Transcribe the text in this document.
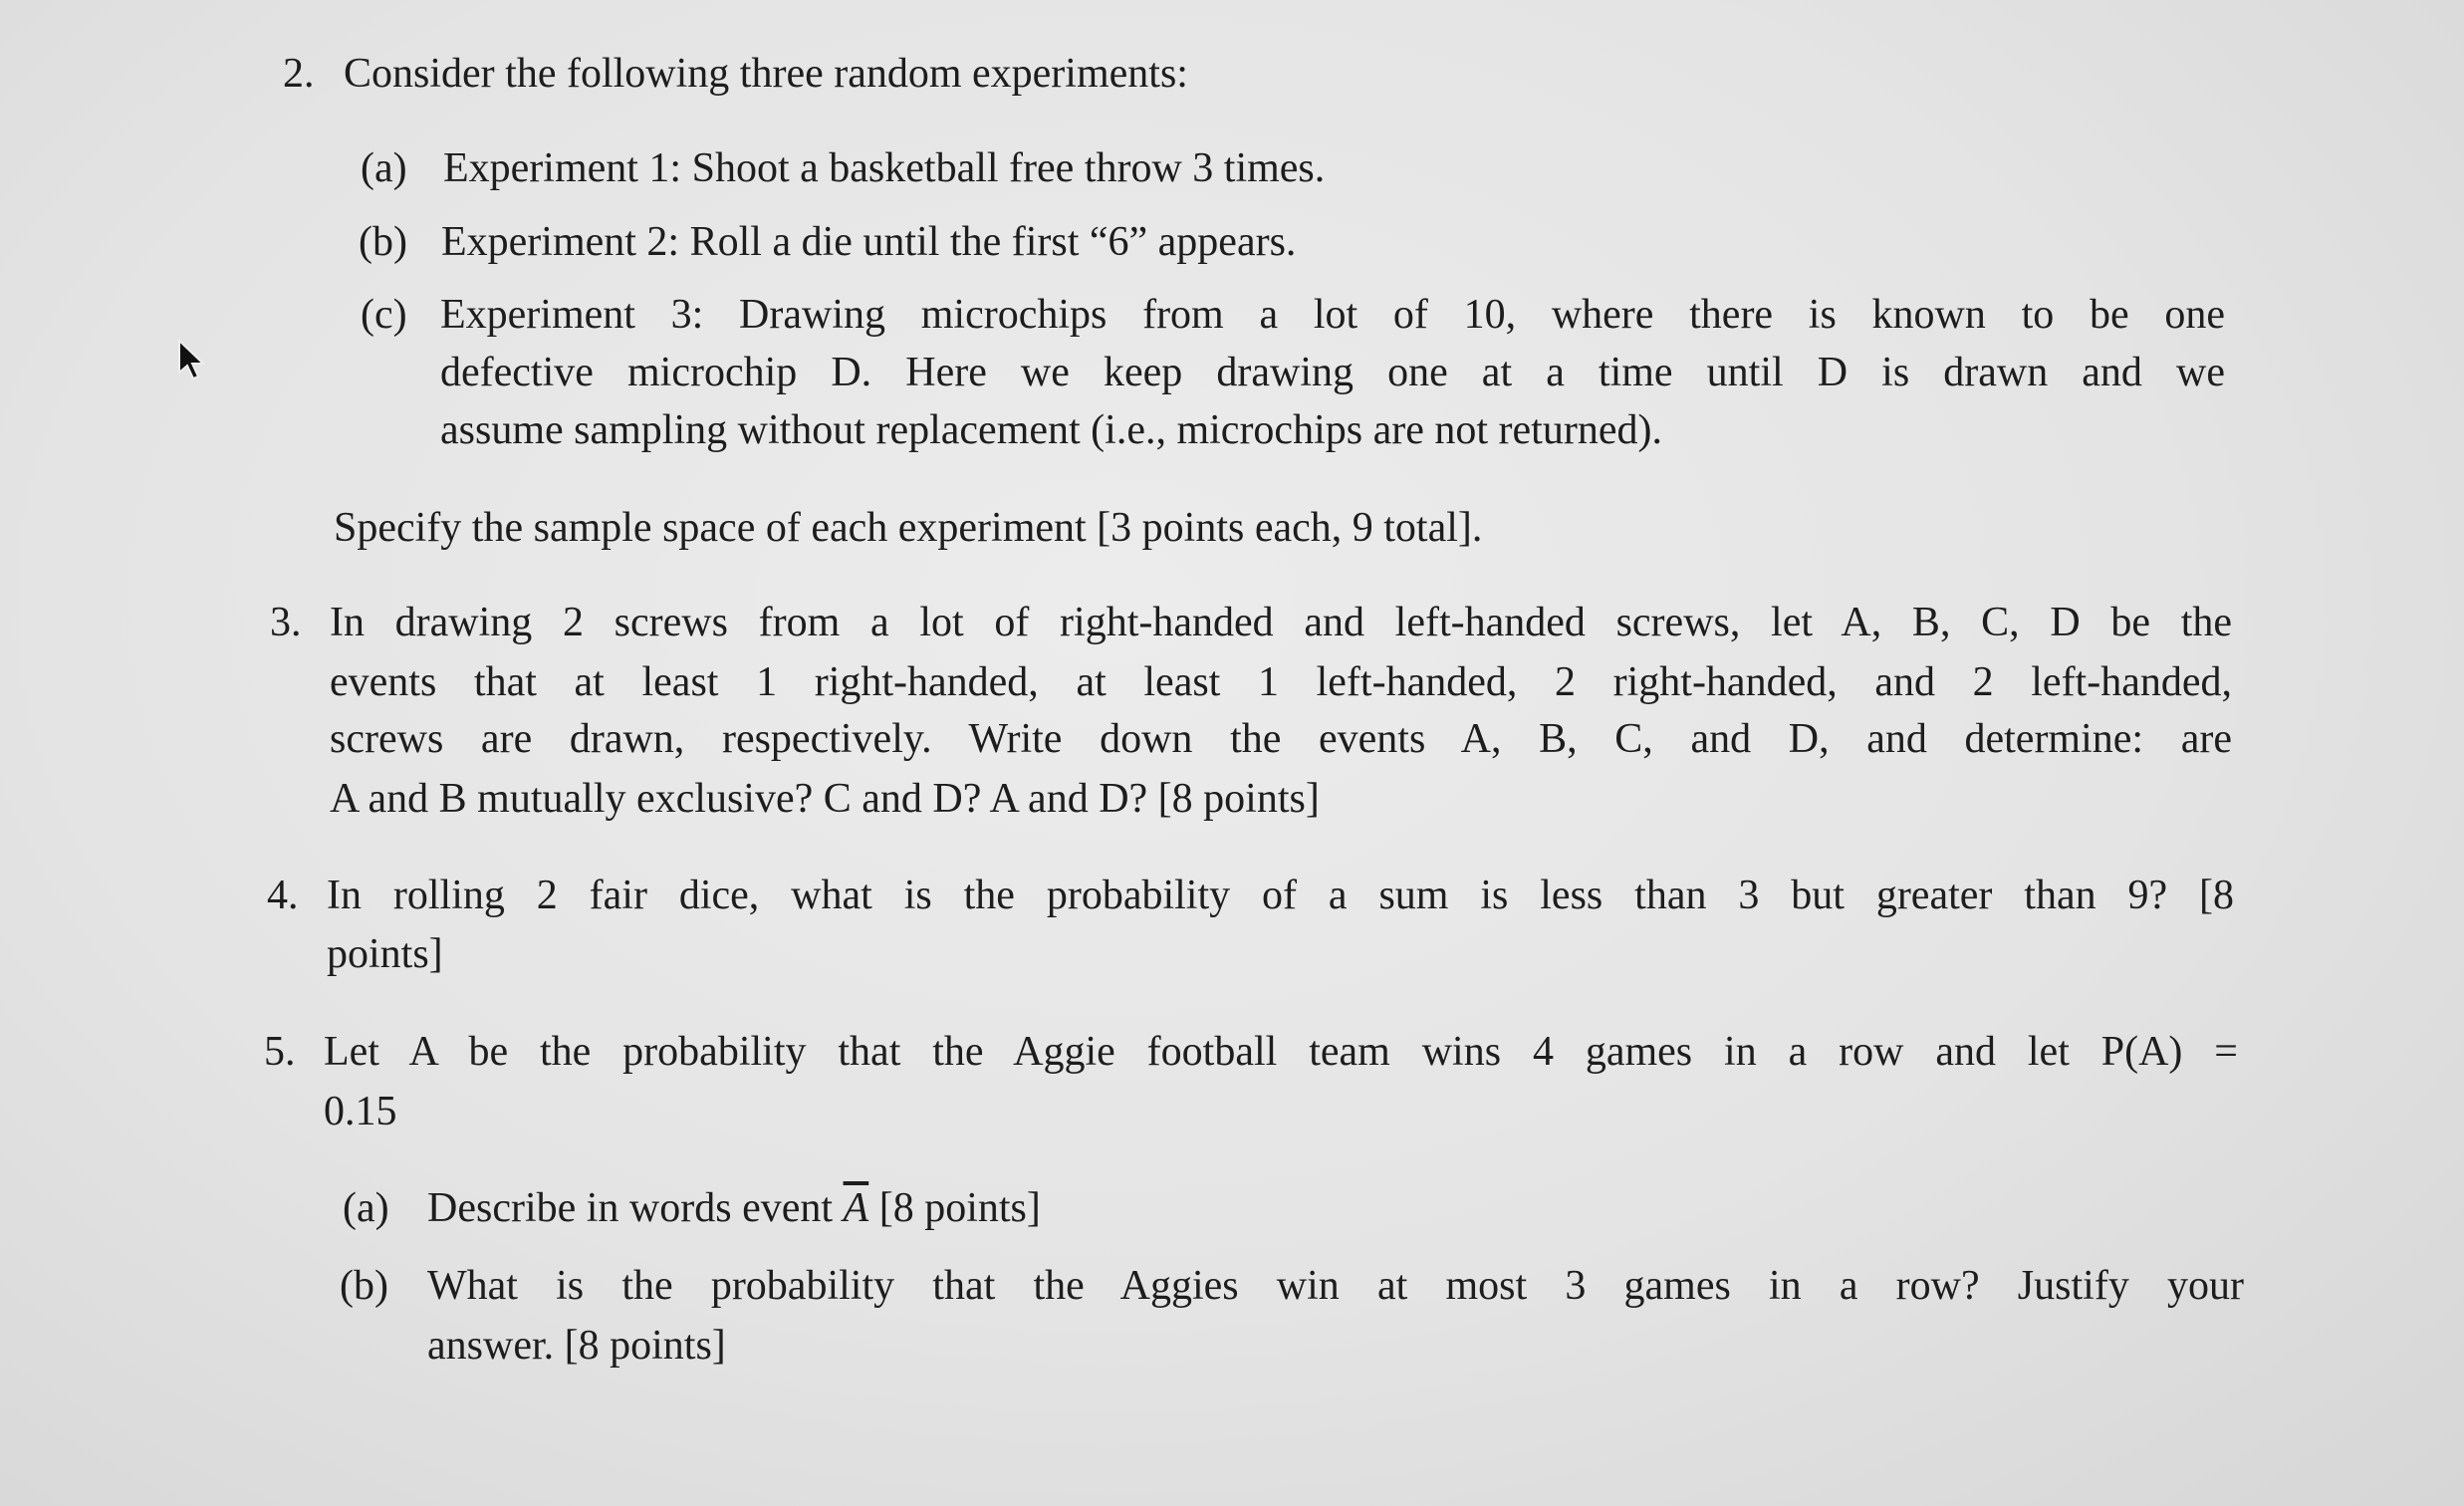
2. Consider the following three random experiments:
(a) Experiment 1: Shoot a basketball free throw 3 times.
(b) Experiment 2: Roll a die until the first “6” appears.
(c) Experiment 3: Drawing microchips from a lot of 10, where there is known to be one
defective microchip D. Here we keep drawing one at a time until D is drawn and we
assume sampling without replacement (i.e., microchips are not returned).
Specify the sample space of each experiment [3 points each, 9 total].
3. In drawing 2 screws from a lot of right-handed and left-handed screws, let A, B, C, D be the
events that at least 1 right-handed, at least 1 left-handed, 2 right-handed, and 2 left-handed,
screws are drawn, respectively. Write down the events A, B, C, and D, and determine: are
A and B mutually exclusive? C and D? A and D? [8 points]
4. In rolling 2 fair dice, what is the probability of a sum is less than 3 but greater than 9? [8
points]
5. Let A be the probability that the Aggie football team wins 4 games in a row and let P(A) =
0.15
(a) Describe in words event $\overline{A}$ [8 points]
(b) What is the probability that the Aggies win at most 3 games in a row? Justify your
answer. [8 points]
